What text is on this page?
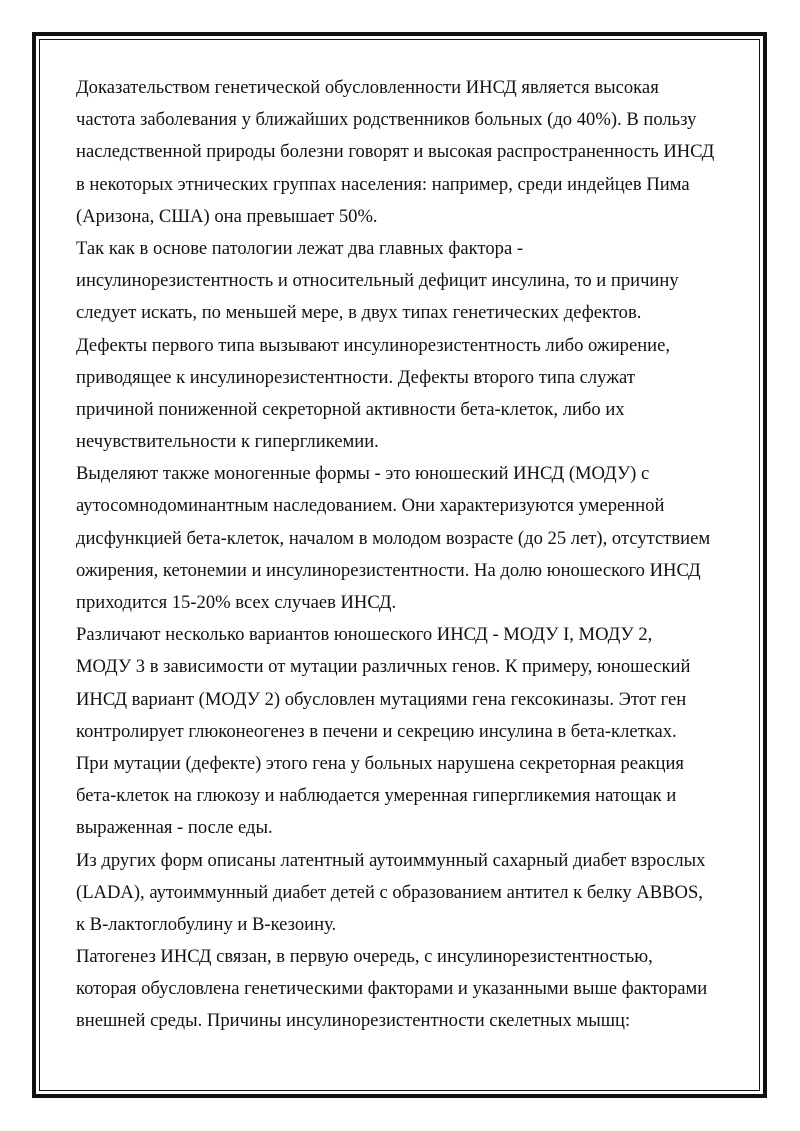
Доказательством генетической обусловленности ИНСД является высокая
частота заболевания у ближайших родственников больных (до 40%). В пользу
наследственной природы болезни говорят и высокая распространенность ИНСД
в некоторых этнических группах населения: например, среди индейцев Пима
(Аризона, США) она превышает 50%.
Так как в основе патологии лежат два главных фактора -
инсулинорезистентность и относительный дефицит инсулина, то и причину
следует искать, по меньшей мере, в двух типах генетических дефектов.
Дефекты первого типа вызывают инсулинорезистентность либо ожирение,
приводящее к инсулинорезистентности. Дефекты второго типа служат
причиной пониженной секреторной активности бета-клеток, либо их
нечувствительности к гипергликемии.
Выделяют также моногенные формы - это юношеский ИНСД (МОДУ) с
аутосомнодоминантным наследованием. Они характеризуются умеренной
дисфункцией бета-клеток, началом в молодом возрасте (до 25 лет), отсутствием
ожирения, кетонемии и инсулинорезистентности. На долю юношеского ИНСД
приходится 15-20% всех случаев ИНСД.
Различают несколько вариантов юношеского ИНСД - МОДУ I, МОДУ 2,
МОДУ 3 в зависимости от мутации различных генов. К примеру, юношеский
ИНСД вариант (МОДУ 2) обусловлен мутациями гена гексокиназы. Этот ген
контролирует глюконеогенез в печени и секрецию инсулина в бета-клетках.
При мутации (дефекте) этого гена у больных нарушена секреторная реакция
бета-клеток на глюкозу и наблюдается умеренная гипергликемия натощак и
выраженная - после еды.
Из других форм описаны латентный аутоиммунный сахарный диабет взрослых
(LADA), аутоиммунный диабет детей с образованием антител к белку ABBOS,
к В-лактоглобулину и В-кезоину.
Патогенез ИНСД связан, в первую очередь, с инсулинорезистентностью,
которая обусловлена генетическими факторами и указанными выше факторами
внешней среды. Причины инсулинорезистентности скелетных мышц:
